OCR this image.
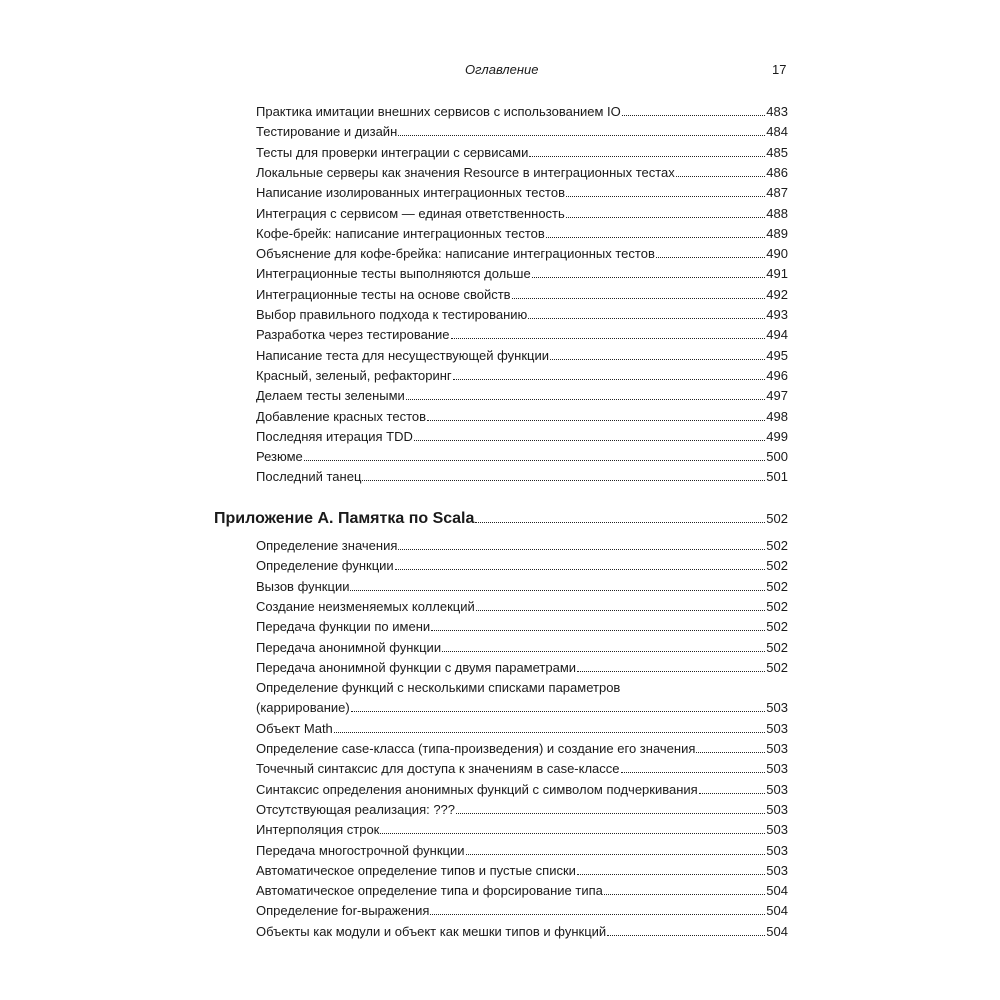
Оглавление	17
Практика имитации внешних сервисов с использованием IO	483
Тестирование и дизайн	484
Тесты для проверки интеграции с сервисами	485
Локальные серверы как значения Resource в интеграционных тестах	486
Написание изолированных интеграционных тестов	487
Интеграция с сервисом — единая ответственность	488
Кофе-брейк: написание интеграционных тестов	489
Объяснение для кофе-брейка: написание интеграционных тестов	490
Интеграционные тесты выполняются дольше	491
Интеграционные тесты на основе свойств	492
Выбор правильного подхода к тестированию	493
Разработка через тестирование	494
Написание теста для несуществующей функции	495
Красный, зеленый, рефакторинг	496
Делаем тесты зелеными	497
Добавление красных тестов	498
Последняя итерация TDD	499
Резюме	500
Последний танец	501
Приложение A. Памятка по Scala	502
Определение значения	502
Определение функции	502
Вызов функции	502
Создание неизменяемых коллекций	502
Передача функции по имени	502
Передача анонимной функции	502
Передача анонимной функции с двумя параметрами	502
Определение функций с несколькими списками параметров
(каррирование)	503
Объект Math	503
Определение case-класса (типа-произведения) и создание его значения	503
Точечный синтаксис для доступа к значениям в case-классе	503
Синтаксис определения анонимных функций с символом подчеркивания	503
Отсутствующая реализация: ???	503
Интерполяция строк	503
Передача многострочной функции	503
Автоматическое определение типов и пустые списки	503
Автоматическое определение типа и форсирование типа	504
Определение for-выражения	504
Объекты как модули и объект как мешки типов и функций	504
